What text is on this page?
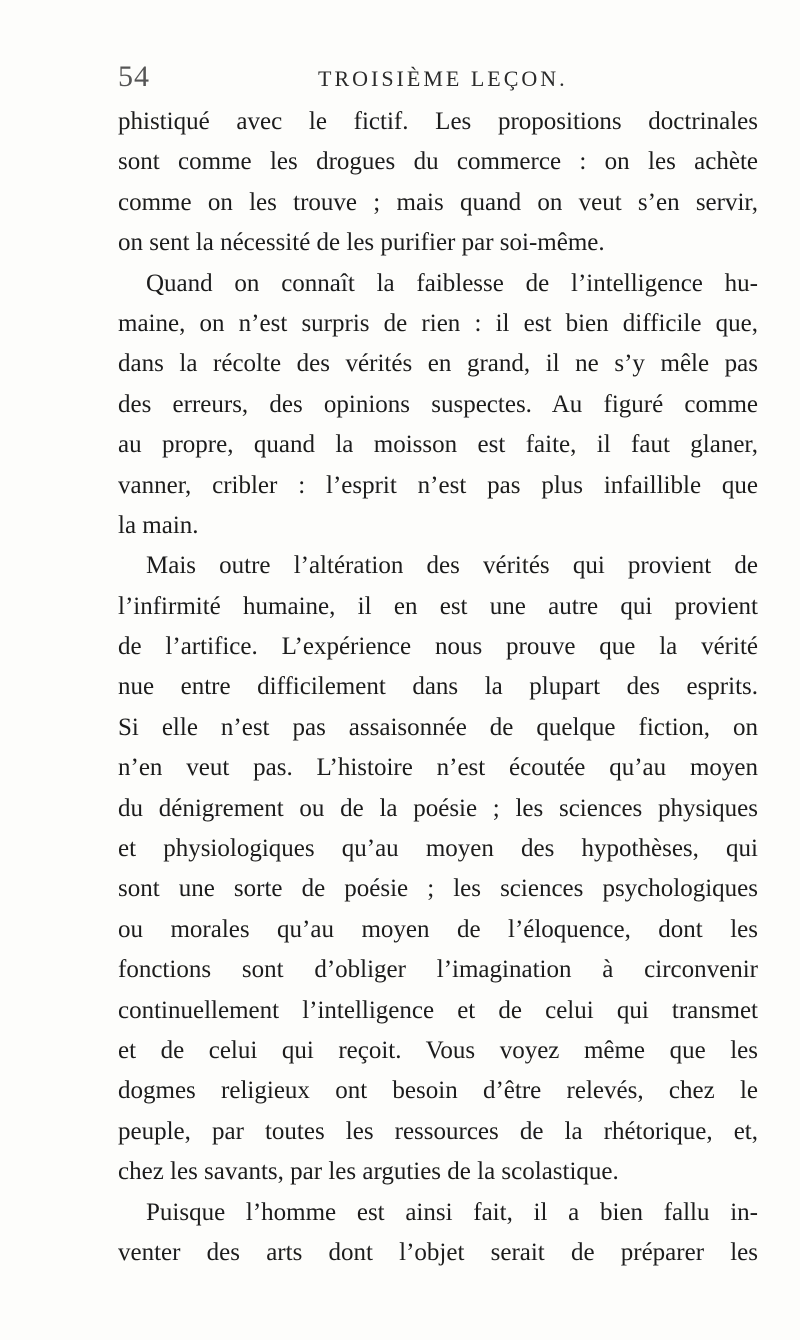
54	TROISIÈME LEÇON.
phistiqué avec le fictif. Les propositions doctrinales
sont comme les drogues du commerce : on les achète
comme on les trouve ; mais quand on veut s’en servir,
on sent la nécessité de les purifier par soi-même.
Quand on connaît la faiblesse de l’intelligence hu-
maine, on n’est surpris de rien : il est bien difficile que,
dans la récolte des vérités en grand, il ne s’y mêle pas
des erreurs, des opinions suspectes. Au figuré comme
au propre, quand la moisson est faite, il faut glaner,
vanner, cribler : l’esprit n’est pas plus infaillible que
la main.
Mais outre l’altération des vérités qui provient de
l’infirmité humaine, il en est une autre qui provient
de l’artifice. L’expérience nous prouve que la vérité
nue entre difficilement dans la plupart des esprits.
Si elle n’est pas assaisonnée de quelque fiction, on
n’en veut pas. L’histoire n’est écoutée qu’au moyen
du dénigrement ou de la poésie ; les sciences physiques
et physiologiques qu’au moyen des hypothèses, qui
sont une sorte de poésie ; les sciences psychologiques
ou morales qu’au moyen de l’éloquence, dont les
fonctions sont d’obliger l’imagination à circonvenir
continuellement l’intelligence et de celui qui transmet
et de celui qui reçoit. Vous voyez même que les
dogmes religieux ont besoin d’être relevés, chez le
peuple, par toutes les ressources de la rhétorique, et,
chez les savants, par les arguties de la scolastique.
Puisque l’homme est ainsi fait, il a bien fallu in-
venter des arts dont l’objet serait de préparer les
